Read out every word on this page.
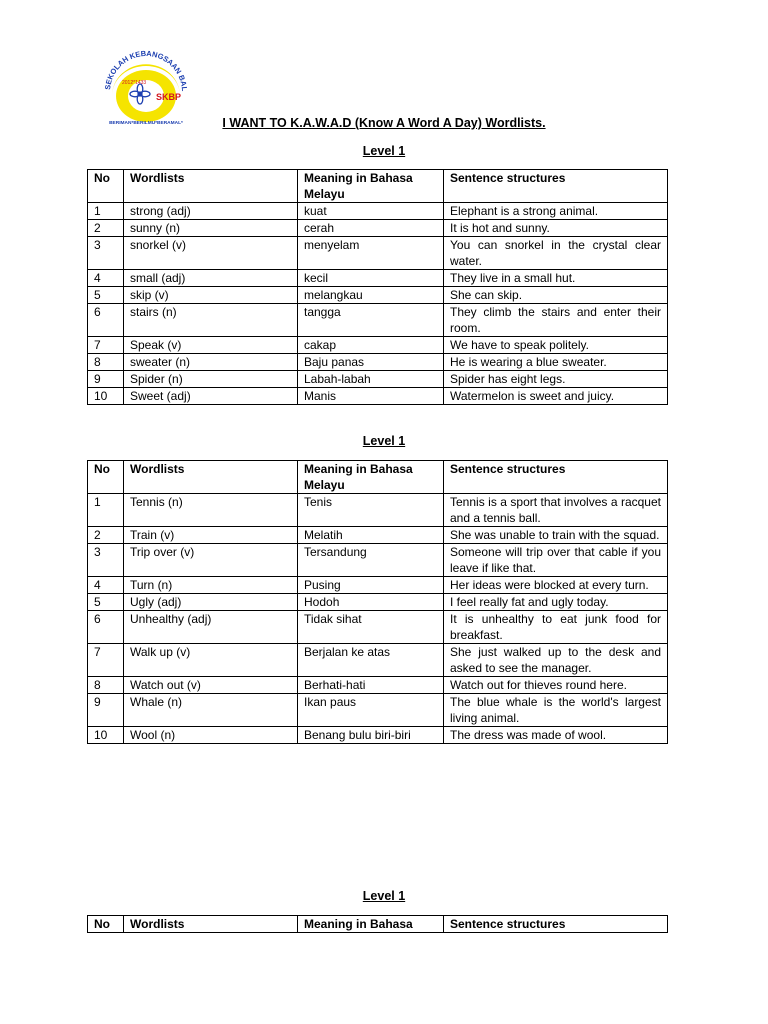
SEKOLAH KEBANGSAAN BAL
2012*1433
SKBP
BERIMAN*BERILMU*BERAMAL*	I WANT TO K.A.W.A.D (Know A Word A Day) Wordlists.
Level 1
No	Wordlists	Meaning in Bahasa Melayu	Sentence structures
1	strong (adj)	kuat	Elephant is a strong animal.
2	sunny (n)	cerah	It is hot and sunny.
3	snorkel (v)	menyelam	You can snorkel in the crystal clear water.
4	small (adj)	kecil	They live in a small hut.
5	skip (v)	melangkau	She can skip.
6	stairs (n)	tangga	They climb the stairs and enter their room.
7	Speak (v)	cakap	We have to speak politely.
8	sweater (n)	Baju panas	He is wearing a blue sweater.
9	Spider (n)	Labah-labah	Spider has eight legs.
10	Sweet (adj)	Manis	Watermelon is sweet and juicy.
Level 1
No	Wordlists	Meaning in Bahasa Melayu	Sentence structures
1	Tennis (n)	Tenis	Tennis is a sport that involves a racquet and a tennis ball.
2	Train (v)	Melatih	She was unable to train with the squad.
3	Trip over (v)	Tersandung	Someone will trip over that cable if you leave if like that.
4	Turn (n)	Pusing	Her ideas were blocked at every turn.
5	Ugly (adj)	Hodoh	I feel really fat and ugly today.
6	Unhealthy (adj)	Tidak sihat	It is unhealthy to eat junk food for breakfast.
7	Walk up (v)	Berjalan ke atas	She just walked up to the desk and asked to see the manager.
8	Watch out (v)	Berhati-hati	Watch out for thieves round here.
9	Whale (n)	Ikan paus	The blue whale is the world's largest living animal.
10	Wool (n)	Benang bulu biri-biri	The dress was made of wool.
Level 1
No	Wordlists	Meaning in Bahasa	Sentence structures
